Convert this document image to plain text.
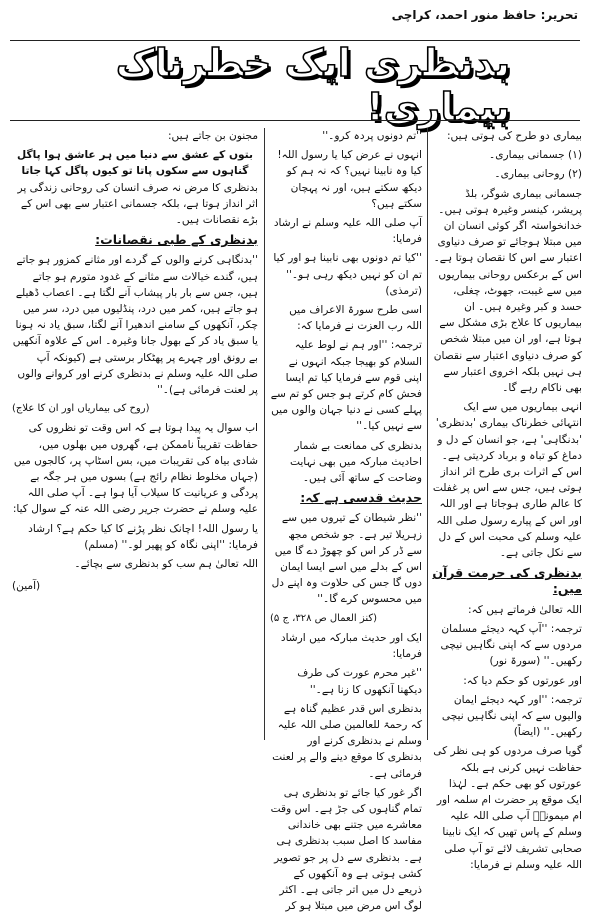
تحریر: حافظ منور احمد، کراچی
بدنظری ایک خطرناک بیماری!

بیماری دو طرح کی ہوتی ہیں:

(۱) جسمانی بیماری۔

(۲) روحانی بیماری۔

جسمانی بیماری شوگر، بلڈ پریشر، کینسر وغیرہ ہوتی ہیں۔ خدانخواستہ اگر کوئی انسان ان میں مبتلا ہوجائے تو صرف دنیاوی اعتبار سے اس کا نقصان ہوتا ہے۔ اس کے برعکس روحانی بیماریوں میں سے غیبت، جھوٹ، چغلی، حسد و کبر وغیرہ ہیں۔ ان بیماریوں کا علاج بڑی مشکل سے ہوتا ہے، اور ان میں مبتلا شخص کو صرف دنیاوی اعتبار سے نقصان ہی نہیں بلکہ اخروی اعتبار سے بھی ناکام رہے گا۔

انہی بیماریوں میں سے ایک انتہائی خطرناک بیماری 'بدنظری' 'بدنگاہی' ہے، جو انسان کے دل و دماغ کو تباہ و برباد کردیتی ہے۔ اس کے اثرات بری طرح اثر انداز ہوتی ہیں، جس سے اس پر غفلت کا عالم طاری ہوجاتا ہے اور اللہ اور اس کے پیارے رسول صلی اللہ علیہ وسلم کی محبت اس کے دل سے نکل جاتی ہے۔

بدنظری کی حرمت قرآن میں:

اللہ تعالیٰ فرماتے ہیں کہ:

ترجمہ: ''آپ کہہ دیجئے مسلمان مردوں سے کہ اپنی نگاہیں نیچی رکھیں۔'' (سورۃ نور)

اور عورتوں کو حکم دیا کہ:

ترجمہ: ''اور کہہ دیجئے ایمان والیوں سے کہ اپنی نگاہیں نیچی رکھیں۔'' (ایضاً)

گویا صرف مردوں کو ہی نظر کی حفاظت نہیں کرنی ہے بلکہ عورتوں کو بھی حکم ہے۔ لہٰذا ایک موقع پر حضرت ام سلمہ اور ام میمونہؓ آپ صلی اللہ علیہ وسلم کے پاس تھیں کہ ایک نابینا صحابی تشریف لائے تو آپ صلی اللہ علیہ وسلم نے فرمایا:

''تم دونوں پردہ کرو۔''

انہوں نے عرض کیا یا رسول اللہ! کیا وہ نابینا نہیں؟ کہ نہ ہم کو دیکھ سکتے ہیں، اور نہ پہچان سکتے ہیں؟

آپ صلی اللہ علیہ وسلم نے ارشاد فرمایا:

''کیا تم دونوں بھی نابینا ہو اور کیا تم ان کو نہیں دیکھ رہی ہو۔'' (ترمذی)

اسی طرح سورۃ الاعراف میں اللہ رب العزت نے فرمایا کہ:

ترجمہ: ''اور ہم نے لوط علیہ السلام کو بھیجا جبکہ انہوں نے اپنی قوم سے فرمایا کیا تم ایسا فحش کام کرتے ہو جس کو تم سے پہلے کسی نے دنیا جہان والوں میں سے نہیں کیا۔''

بدنظری کی ممانعت بے شمار احادیث مبارکہ میں بھی نہایت وضاحت کے ساتھ آئی ہیں۔

حدیث قدسی ہے کہ:

''نظر شیطان کے تیروں میں سے زہریلا تیر ہے۔ جو شخص مجھ سے ڈر کر اس کو چھوڑ دے گا میں اس کے بدلے میں اسے ایسا ایمان دوں گا جس کی حلاوت وہ اپنے دل میں محسوس کرے گا۔''

(کنز العمال ص ۳۲۸، ج ۵)

ایک اور حدیث مبارکہ میں ارشاد فرمایا:

''غیر محرم عورت کی طرف دیکھنا آنکھوں کا زنا ہے۔''

بدنظری اس قدر عظیم گناہ ہے کہ رحمۃ للعالمین صلی اللہ علیہ وسلم نے بدنظری کرنے اور بدنظری کا موقع دینے والے پر لعنت فرمائی ہے۔

اگر غور کیا جائے تو بدنظری ہی تمام گناہوں کی جڑ ہے۔ اس وقت معاشرے میں جتنے بھی خاندانی مفاسد کا اصل سبب بدنظری ہی ہے۔ بدنظری سے دل پر جو تصویر کشی ہوتی ہے وہ آنکھوں کے ذریعے دل میں اتر جاتی ہے۔ اکثر لوگ اس مرض میں مبتلا ہو کر

مجنون بن جاتے ہیں:

بتوں کے عشق سے دنیا میں ہر عاشق ہوا پاگل

گناہوں سے سکوں پاتا تو کیوں پاگل کہا جاتا

بدنظری کا مرض نہ صرف انسان کی روحانی زندگی پر اثر انداز ہوتا ہے، بلکہ جسمانی اعتبار سے بھی اس کے بڑے نقصانات ہیں۔

بدنظری کے طبی نقصانات:

''بدنگاہی کرنے والوں کے گردے اور مثانے کمزور ہو جاتے ہیں، گندے خیالات سے مثانے کے غدود متورم ہو جاتے ہیں، جس سے بار بار پیشاب آنے لگتا ہے۔ اعصاب ڈھیلے ہو جاتے ہیں، کمر میں درد، پنڈلیوں میں درد، سر میں چکر، آنکھوں کے سامنے اندھیرا آنے لگتا، سبق یاد نہ ہونا یا سبق یاد کر کے بھول جانا وغیرہ۔ اس کے علاوہ آنکھیں بے رونق اور چہرے پر پھٹکار برستی ہے (کیونکہ آپ صلی اللہ علیہ وسلم نے بدنظری کرنے اور کروانے والوں پر لعنت فرمائی ہے)۔''

(روح کی بیماریاں اور ان کا علاج)

اب سوال یہ پیدا ہوتا ہے کہ اس وقت تو نظروں کی حفاظت تقریباً ناممکن ہے، گھروں میں بھلوں میں، شادی بیاہ کی تقریبات میں، بس اسٹاپ پر، کالجوں میں (جہاں مخلوط نظام رائج ہے) بسوں میں ہر جگہ بے پردگی و عریانیت کا سیلاب آیا ہوا ہے۔ آپ صلی اللہ علیہ وسلم نے حضرت جریر رضی اللہ عنہ کے سوال کیا:

یا رسول اللہ! اچانک نظر پڑنے کا کیا حکم ہے؟ ارشاد فرمایا: ''اپنی نگاہ کو پھیر لو۔'' (مسلم)

اللہ تعالیٰ ہم سب کو بدنظری سے بچائے۔

(آمین)
